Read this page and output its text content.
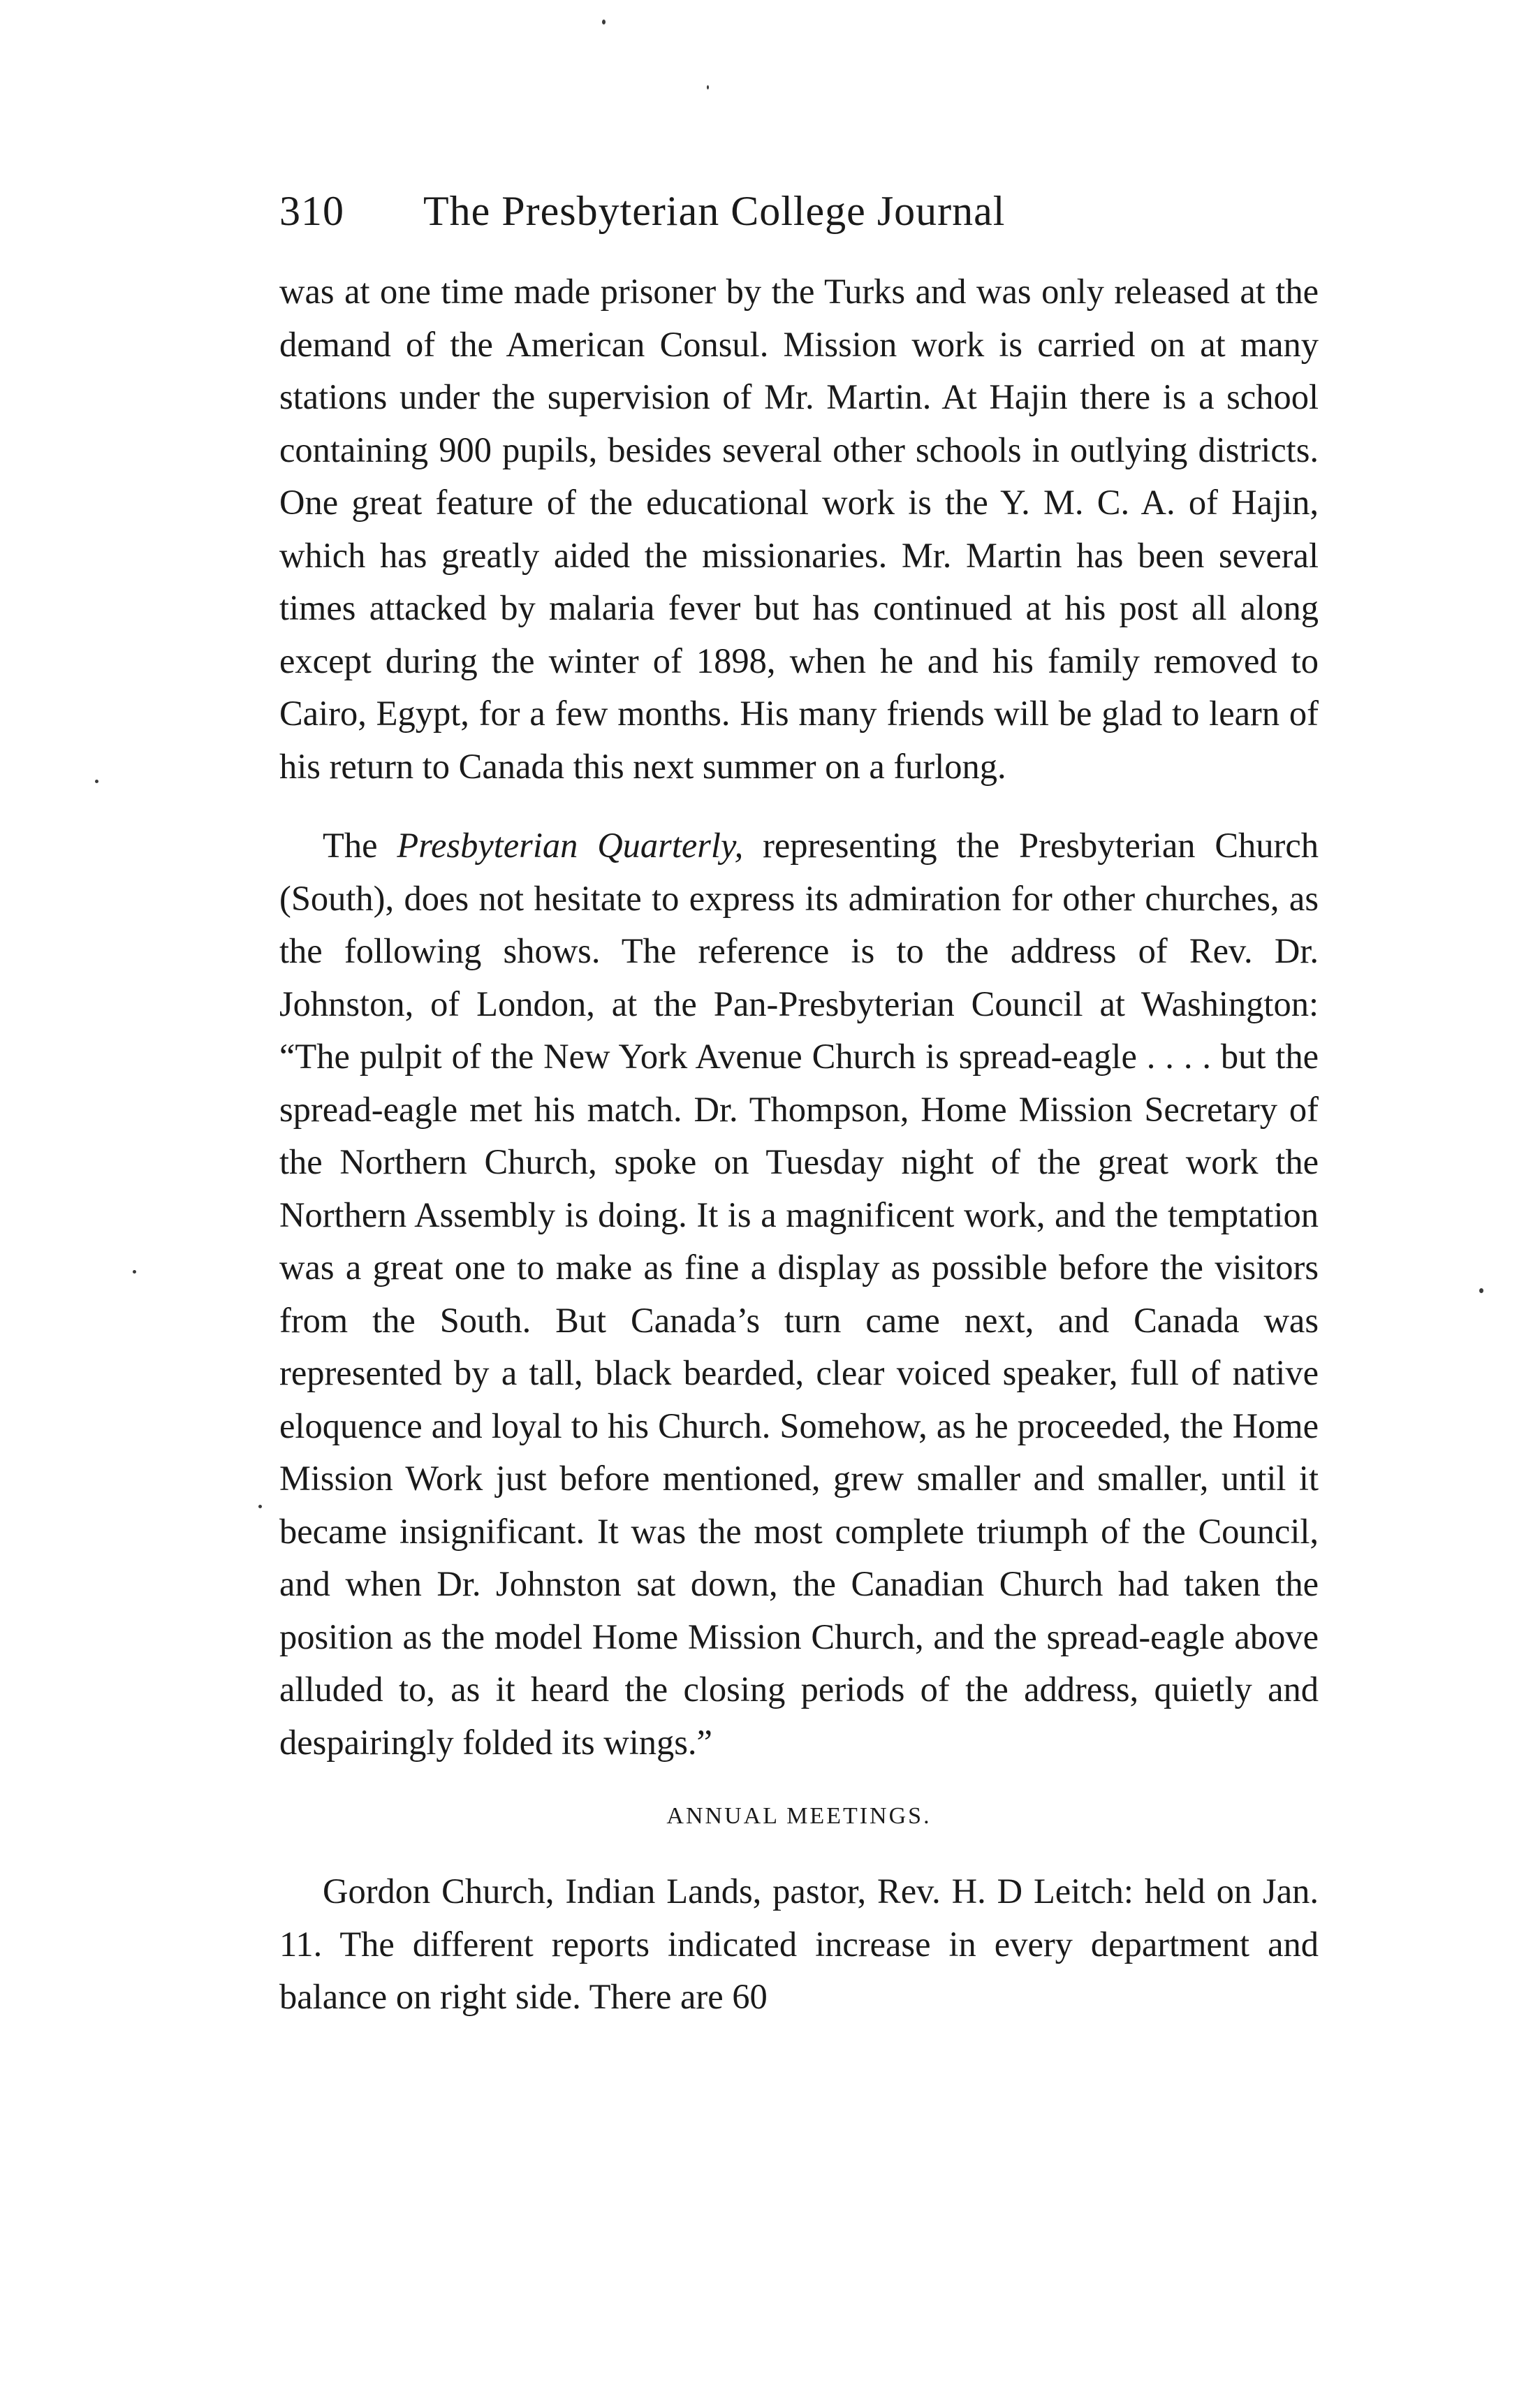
310 The Presbyterian College Journal

was at one time made prisoner by the Turks and was only released at the demand of the American Consul. Mission work is carried on at many stations under the supervision of Mr. Martin. At Hajin there is a school containing 900 pupils, besides several other schools in outlying districts. One great feature of the educational work is the Y. M. C. A. of Hajin, which has greatly aided the missionaries. Mr. Martin has been several times attacked by malaria fever but has continued at his post all along except during the winter of 1898, when he and his family removed to Cairo, Egypt, for a few months. His many friends will be glad to learn of his return to Canada this next summer on a furlong.

The Presbyterian Quarterly, representing the Presbyterian Church (South), does not hesitate to express its admiration for other churches, as the following shows. The reference is to the address of Rev. Dr. Johnston, of London, at the Pan-Presbyterian Council at Washington: “The pulpit of the New York Avenue Church is spread-eagle . . . . but the spread-eagle met his match. Dr. Thompson, Home Mission Secretary of the Northern Church, spoke on Tuesday night of the great work the Northern Assembly is doing. It is a magnificent work, and the temptation was a great one to make as fine a display as possible before the visitors from the South. But Canada’s turn came next, and Canada was represented by a tall, black bearded, clear voiced speaker, full of native eloquence and loyal to his Church. Somehow, as he proceeded, the Home Mission Work just before mentioned, grew smaller and smaller, until it became insignificant. It was the most complete triumph of the Council, and when Dr. Johnston sat down, the Canadian Church had taken the position as the model Home Mission Church, and the spread-eagle above alluded to, as it heard the closing periods of the address, quietly and despairingly folded its wings.”

ANNUAL MEETINGS.

Gordon Church, Indian Lands, pastor, Rev. H. D Leitch: held on Jan. 11. The different reports indicated increase in every department and balance on right side. There are 60
